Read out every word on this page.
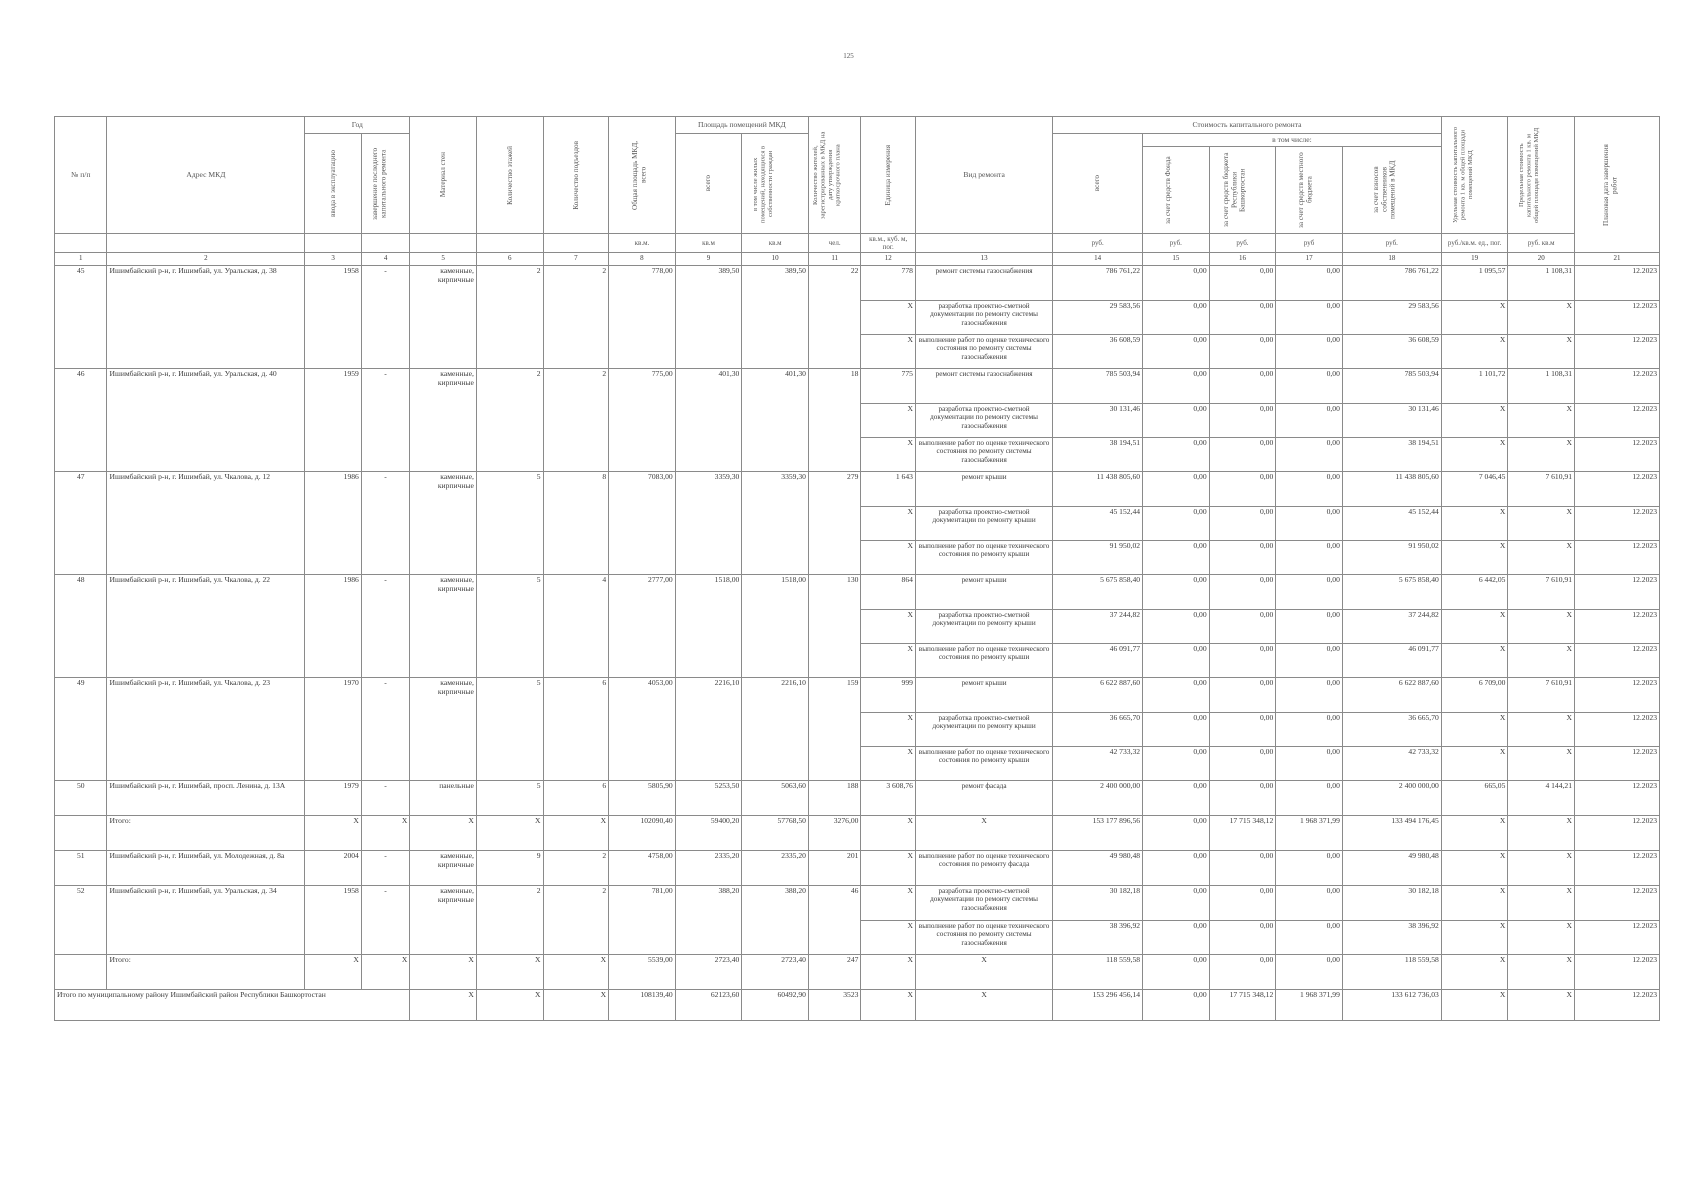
125
№ п/п	Адрес МКД	Год		Материал стен	Количество этажей	Количество подъездов	Общая площадь МКД, всего	Площадь помещений МКД		Количество жителей, зарегистрированных в МКД на дату утверждения краткосрочного плана	Единица измерения	Вид ремонта	Стоимость капитального ремонта					Удельная стоимость капитального ремонта 1 кв. м общей площади помещений МКД	Предельная стоимость капитального ремонта 1 кв. м общей площади помещений МКД	Плановая дата завершения работ

		ввода в эксплуатацию	завершение последнего капитального ремонта					всего	в том числе жилых помещений, находящихся в собственности граждан				всего	в том числе:						

														за счет средств Фонда	за счет средств бюджета Республики Башкортостан	за счет средств местного бюджета	за счет взносов собственников помещений в МКД			

							кв.м.	кв.м	кв.м	чел.	кв.м., куб. м, пог.		руб.	руб.	руб.	руб	руб.	руб./кв.м. ед., пог.	руб. кв.м	
1	2	3	4	5	6	7	8	9	10	11	12	13	14	15	16	17	18	19	20	21
45	Ишимбайский р-н, г. Ишимбай, ул. Уральская, д. 38	1958	-	каменные, кирпичные	2	2	778,00	389,50	389,50	22	778	ремонт системы газоснабжения	786 761,22	0,00	0,00	0,00	786 761,22	1 095,57	1 108,31	12.2023
											X	разработка проектно-сметной документации по ремонту системы газоснабжения	29 583,56	0,00	0,00	0,00	29 583,56	X	X	12.2023
											X	выполнение работ по оценке технического состояния по ремонту системы газоснабжения	36 608,59	0,00	0,00	0,00	36 608,59	X	X	12.2023
46	Ишимбайский р-н, г. Ишимбай, ул. Уральская, д. 40	1959	-	каменные, кирпичные	2	2	775,00	401,30	401,30	18	775	ремонт системы газоснабжения	785 503,94	0,00	0,00	0,00	785 503,94	1 101,72	1 108,31	12.2023
											X	разработка проектно-сметной документации по ремонту системы газоснабжения	30 131,46	0,00	0,00	0,00	30 131,46	X	X	12.2023
											X	выполнение работ по оценке технического состояния по ремонту системы газоснабжения	38 194,51	0,00	0,00	0,00	38 194,51	X	X	12.2023
47	Ишимбайский р-н, г. Ишимбай, ул. Чкалова, д. 12	1986	-	каменные, кирпичные	5	8	7083,00	3359,30	3359,30	279	1 643	ремонт крыши	11 438 805,60	0,00	0,00	0,00	11 438 805,60	7 046,45	7 610,91	12.2023
											X	разработка проектно-сметной документации по ремонту крыши	45 152,44	0,00	0,00	0,00	45 152,44	X	X	12.2023
											X	выполнение работ по оценке технического состояния по ремонту крыши	91 950,02	0,00	0,00	0,00	91 950,02	X	X	12.2023
48	Ишимбайский р-н, г. Ишимбай, ул. Чкалова, д. 22	1986	-	каменные, кирпичные	5	4	2777,00	1518,00	1518,00	130	864	ремонт крыши	5 675 858,40	0,00	0,00	0,00	5 675 858,40	6 442,05	7 610,91	12.2023
											X	разработка проектно-сметной документации по ремонту крыши	37 244,82	0,00	0,00	0,00	37 244,82	X	X	12.2023
											X	выполнение работ по оценке технического состояния по ремонту крыши	46 091,77	0,00	0,00	0,00	46 091,77	X	X	12.2023
49	Ишимбайский р-н, г. Ишимбай, ул. Чкалова, д. 23	1970	-	каменные, кирпичные	5	6	4053,00	2216,10	2216,10	159	999	ремонт крыши	6 622 887,60	0,00	0,00	0,00	6 622 887,60	6 709,00	7 610,91	12.2023
											X	разработка проектно-сметной документации по ремонту крыши	36 665,70	0,00	0,00	0,00	36 665,70	X	X	12.2023
											X	выполнение работ по оценке технического состояния по ремонту крыши	42 733,32	0,00	0,00	0,00	42 733,32	X	X	12.2023
50	Ишимбайский р-н, г. Ишимбай, просп. Ленина, д. 13А	1979	-	панельные	5	6	5805,90	5253,50	5063,60	188	3 608,76	ремонт фасада	2 400 000,00	0,00	0,00	0,00	2 400 000,00	665,05	4 144,21	12.2023
	Итого:	X	X	X	X	X	102090,40	59400,20	57768,50	3276,00	X	X	153 177 896,56	0,00	17 715 348,12	1 968 371,99	133 494 176,45	X	X	12.2023
51	Ишимбайский р-н, г. Ишимбай, ул. Молодежная, д. 8а	2004	-	каменные, кирпичные	9	2	4758,00	2335,20	2335,20	201	X	выполнение работ по оценке технического состояния по ремонту фасада	49 980,48	0,00	0,00	0,00	49 980,48	X	X	12.2023
52	Ишимбайский р-н, г. Ишимбай, ул. Уральская, д. 34	1958	-	каменные, кирпичные	2	2	781,00	388,20	388,20	46	X	разработка проектно-сметной документации по ремонту системы газоснабжения	30 182,18	0,00	0,00	0,00	30 182,18	X	X	12.2023
											X	выполнение работ по оценке технического состояния по ремонту системы газоснабжения	38 396,92	0,00	0,00	0,00	38 396,92	X	X	12.2023
	Итого:	X	X	X	X	X	5539,00	2723,40	2723,40	247	X	X	118 559,58	0,00	0,00	0,00	118 559,58	X	X	12.2023
Итого по муниципальному району Ишимбайский район Республики Башкортостан				X	X	X	108139,40	62123,60	60492,90	3523	X	X	153 296 456,14	0,00	17 715 348,12	1 968 371,99	133 612 736,03	X	X	12.2023
